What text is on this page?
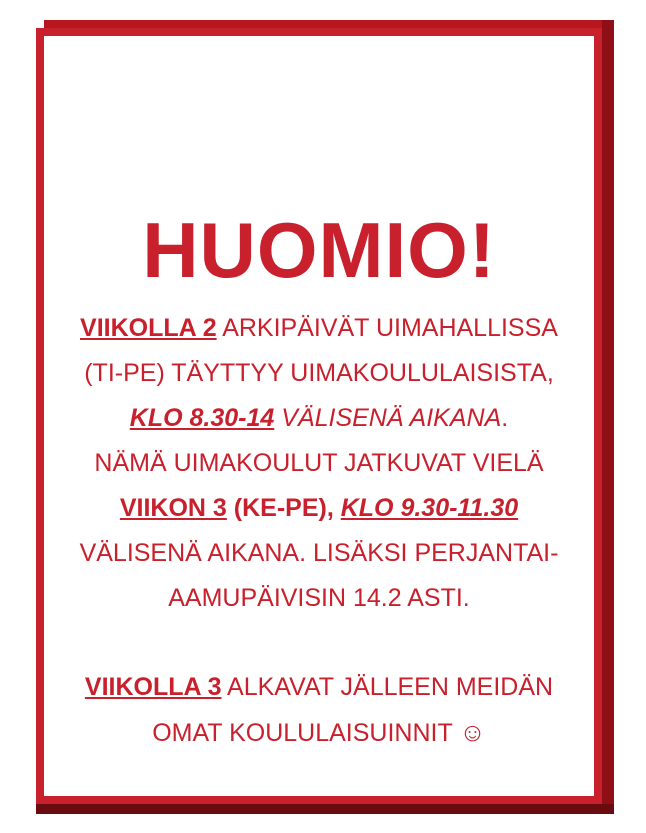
HUOMIO!
VIIKOLLA 2 ARKIPÄIVÄT UIMAHALLISSA
(TI-PE) TÄYTTYY UIMAKOULULAISISTA,
KLO 8.30-14 VÄLISENÄ AIKANA.
NÄMÄ UIMAKOULUT JATKUVAT VIELÄ
VIIKON 3 (KE-PE), KLO 9.30-11.30
VÄLISENÄ AIKANA. LISÄKSI PERJANTAI-
AAMUPÄIVISIN 14.2 ASTI.
VIIKOLLA 3 ALKAVAT JÄLLEEN MEIDÄN
OMAT KOULULAISUINNIT ☺
